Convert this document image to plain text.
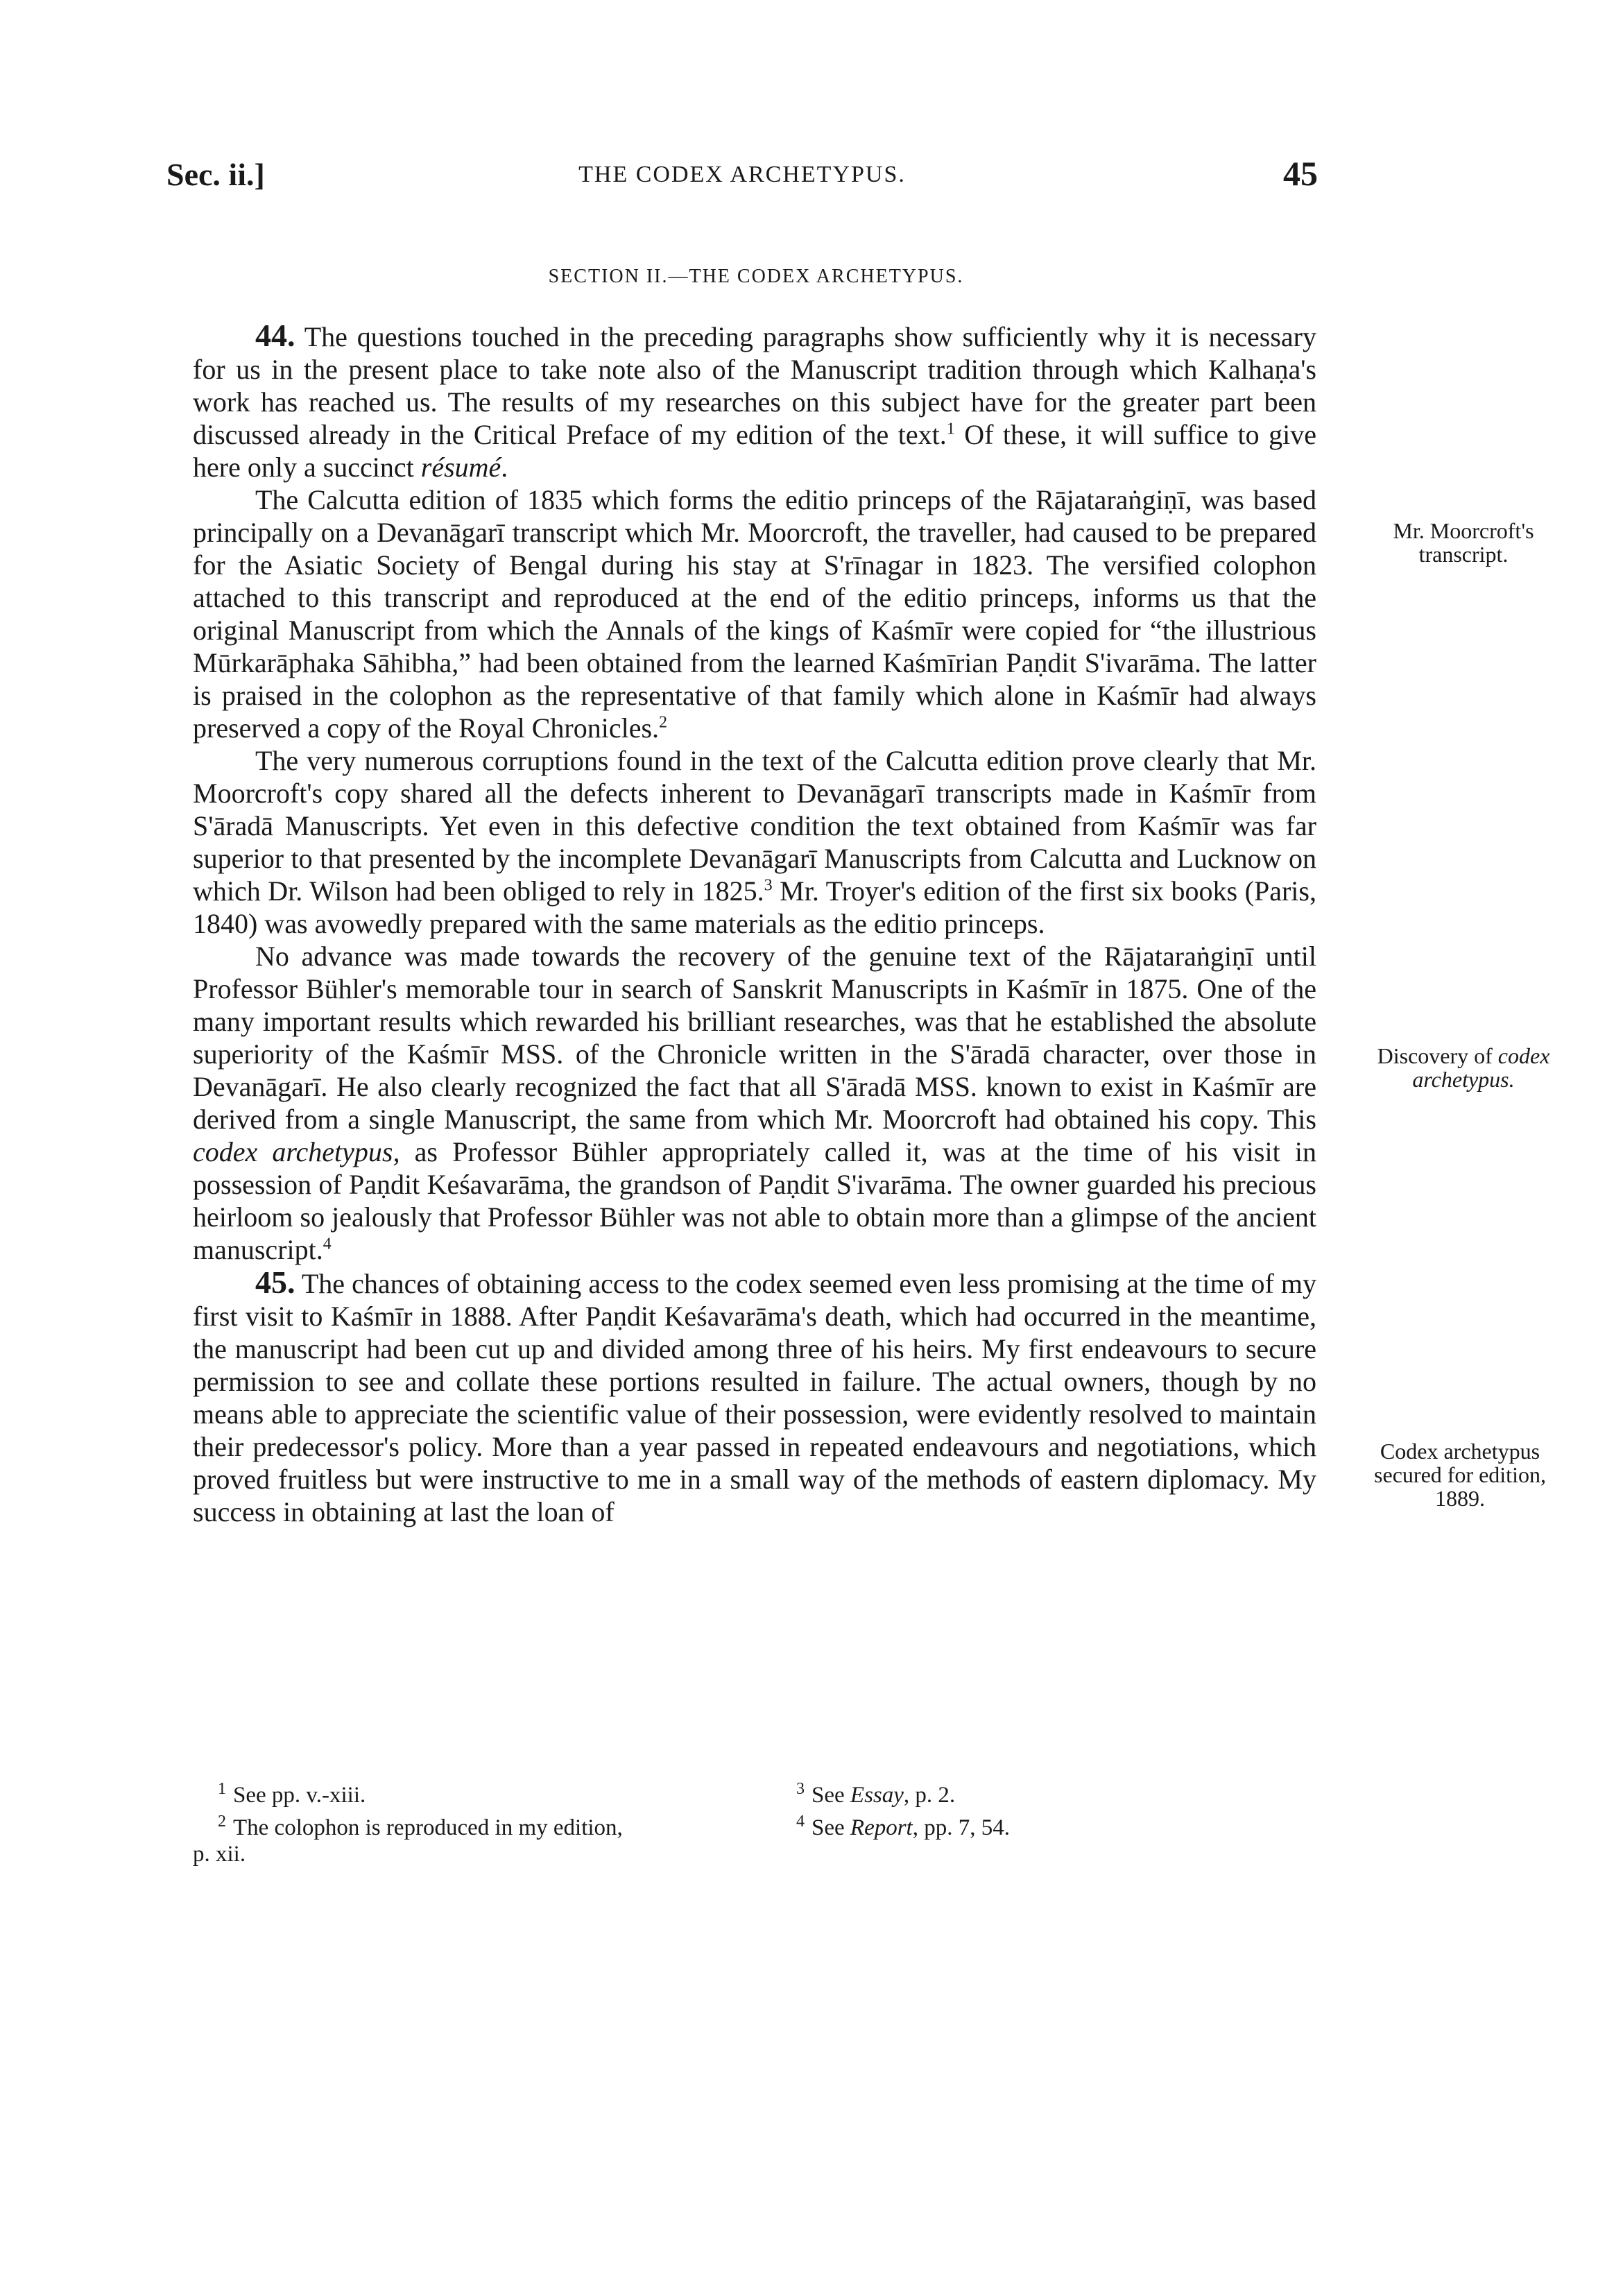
Sec. ii.]	THE CODEX ARCHETYPUS.	45
SECTION II.—THE CODEX ARCHETYPUS.

44. The questions touched in the preceding paragraphs show sufficiently why it is necessary for us in the present place to take note also of the Manuscript tradition through which Kalhaṇa's work has reached us. The results of my researches on this subject have for the greater part been discussed already in the Critical Preface of my edition of the text.$^1$ Of these, it will suffice to give here only a succinct résumé.

The Calcutta edition of 1835 which forms the editio princeps of the Rājataraṅgiṇī, was based principally on a Devanāgarī transcript which Mr. Moorcroft, the traveller, had caused to be prepared for the Asiatic Society of Bengal during his stay at S'rīnagar in 1823. The versified colophon attached to this transcript and reproduced at the end of the editio princeps, informs us that the original Manuscript from which the Annals of the kings of Kaśmīr were copied for “the illustrious Mūrkarāphaka Sāhibha,” had been obtained from the learned Kaśmīrian Paṇdit S'ivarāma. The latter is praised in the colophon as the representative of that family which alone in Kaśmīr had always preserved a copy of the Royal Chronicles.$^2$

The very numerous corruptions found in the text of the Calcutta edition prove clearly that Mr. Moorcroft's copy shared all the defects inherent to Devanāgarī transcripts made in Kaśmīr from S'āradā Manuscripts. Yet even in this defective condition the text obtained from Kaśmīr was far superior to that presented by the incomplete Devanāgarī Manuscripts from Calcutta and Lucknow on which Dr. Wilson had been obliged to rely in 1825.$^3$ Mr. Troyer's edition of the first six books (Paris, 1840) was avowedly prepared with the same materials as the editio princeps.

No advance was made towards the recovery of the genuine text of the Rājataraṅgiṇī until Professor Bühler's memorable tour in search of Sanskrit Manuscripts in Kaśmīr in 1875. One of the many important results which rewarded his brilliant researches, was that he established the absolute superiority of the Kaśmīr MSS. of the Chronicle written in the S'āradā character, over those in Devanāgarī. He also clearly recognized the fact that all S'āradā MSS. known to exist in Kaśmīr are derived from a single Manuscript, the same from which Mr. Moorcroft had obtained his copy. This codex archetypus, as Professor Bühler appropriately called it, was at the time of his visit in possession of Paṇdit Keśavarāma, the grandson of Paṇdit S'ivarāma. The owner guarded his precious heirloom so jealously that Professor Bühler was not able to obtain more than a glimpse of the ancient manuscript.$^4$

45. The chances of obtaining access to the codex seemed even less promising at the time of my first visit to Kaśmīr in 1888. After Paṇdit Keśavarāma's death, which had occurred in the meantime, the manuscript had been cut up and divided among three of his heirs. My first endeavours to secure permission to see and collate these portions resulted in failure. The actual owners, though by no means able to appreciate the scientific value of their possession, were evidently resolved to maintain their predecessor's policy. More than a year passed in repeated endeavours and negotiations, which proved fruitless but were instructive to me in a small way of the methods of eastern diplomacy. My success in obtaining at last the loan of

Mr. Moorcroft's
transcript.
Discovery of codex
archetypus.
Codex archetypus
secured for edition,
1889.

$^1$ See pp. v.-xiii.

$^2$ The colophon is reproduced in my edition,

p. xii.

$^3$ See Essay, p. 2.

$^4$ See Report, pp. 7, 54.
